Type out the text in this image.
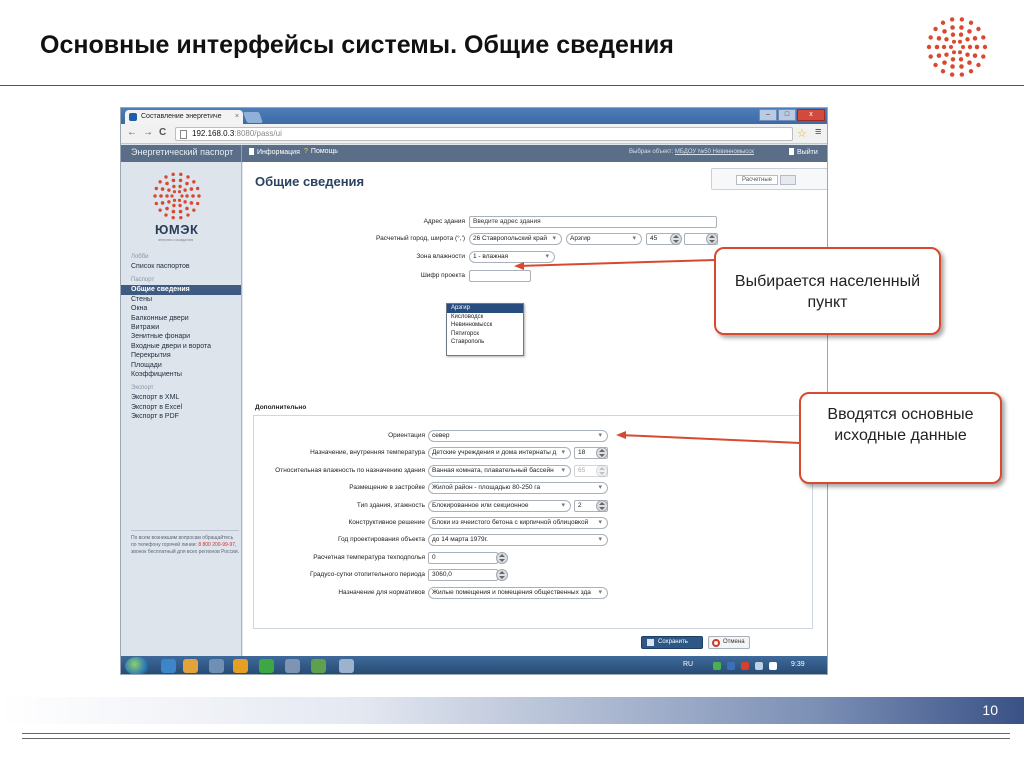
Основные интерфейсы системы. Общие сведения
Составление энергетиче ×	–	□	x
← → C	192.168.0.3:8080/pass/ui	☆ ≡
Энергетический паспорт	Информация ? Помощь	Выбран объект: МБДОУ №50 Невинномысск	Выйти
ЮМЭК
энергия созидания
Лобби
Список паспортов
Паспорт
Общие сведения
Стены
Окна
Балконные двери
Витражи
Зенитные фонари
Входные двери и ворота
Перекрытия
Площади
Коэффициенты
Экспорт
Экспорт в XML
Экспорт в Excel
Экспорт в PDF
По всем возникшим вопросам обращайтесь по телефону горячей линии: 8 800 200-99-97, звонок бесплатный для всех регионов России.
Общие сведения	Расчетные
Адрес здания	Введите адрес здания
Расчетный город, широта (°,')	26 Ставропольский край ▾	Арзгир ▾	45
Зона влажности	1 - влажная ▾
Шифр проекта
Дополнительно
Ориентация	север ▾
Назначение, внутренняя температура	Детские учреждения и дома интернаты д ▾	18
Относительная влажность по назначению здания	Ванная комната, плавательный бассейн ▾	65
Размещение в застройке	Жилой район - площадью 80-250 га ▾
Тип здания, этажность	Блокированное или секционное ▾	2
Конструктивное решение	Блоки из ячеистого бетона с кирпичной облицовкой ▾
Год проектирования объекта	до 14 марта 1979г. ▾
Расчетная температура техподполья	0
Градусо-сутки отопительного периода	3060,0
Назначение для нормативов	Жилые помещения и помещения общественных зда ▾
Сохранить	Отмена
Арзгир
Кисловодск
Невинномысск
Пятигорск
Ставрополь
RU	9:39
Выбирается населенный пункт
Вводятся основные исходные данные
10
